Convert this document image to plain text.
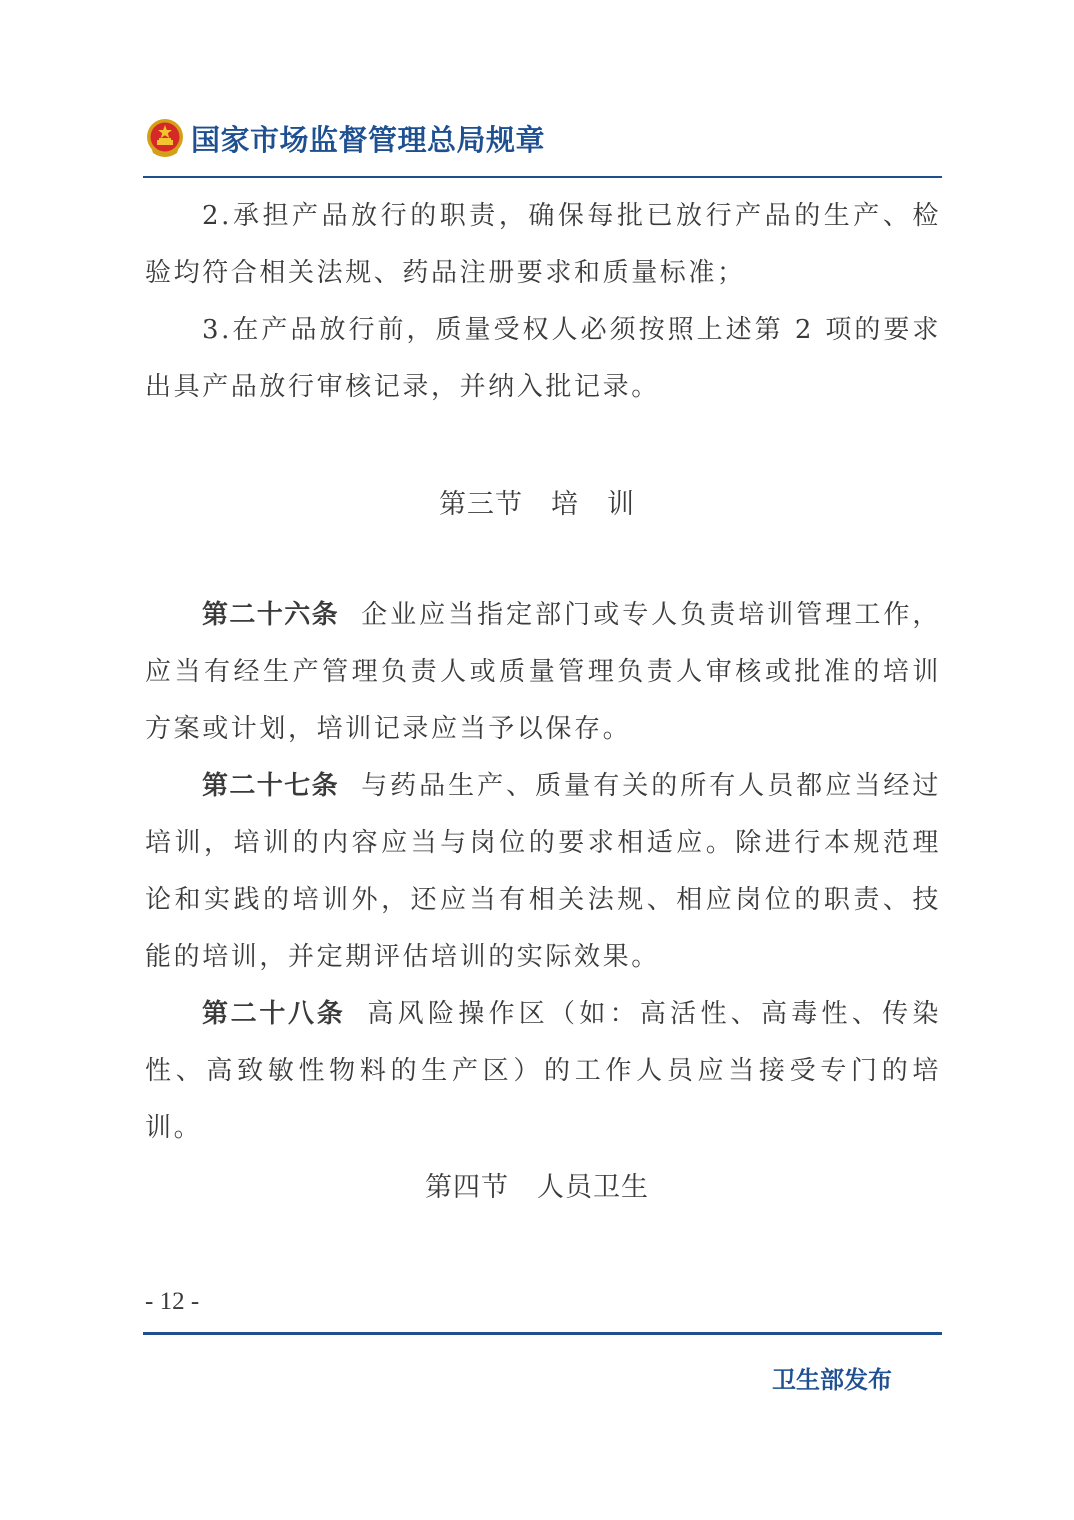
国家市场监督管理总局规章
2.承担产品放行的职责，确保每批已放行产品的生产、检验均符合相关法规、药品注册要求和质量标准；
3.在产品放行前，质量受权人必须按照上述第 2 项的要求出具产品放行审核记录，并纳入批记录。
第三节　培　训
第二十六条 企业应当指定部门或专人负责培训管理工作，应当有经生产管理负责人或质量管理负责人审核或批准的培训方案或计划，培训记录应当予以保存。
第二十七条 与药品生产、质量有关的所有人员都应当经过培训，培训的内容应当与岗位的要求相适应。除进行本规范理论和实践的培训外，还应当有相关法规、相应岗位的职责、技能的培训，并定期评估培训的实际效果。
第二十八条 高风险操作区（如：高活性、高毒性、传染性、高致敏性物料的生产区）的工作人员应当接受专门的培训。
第四节　人员卫生
- 12 -
卫生部发布
